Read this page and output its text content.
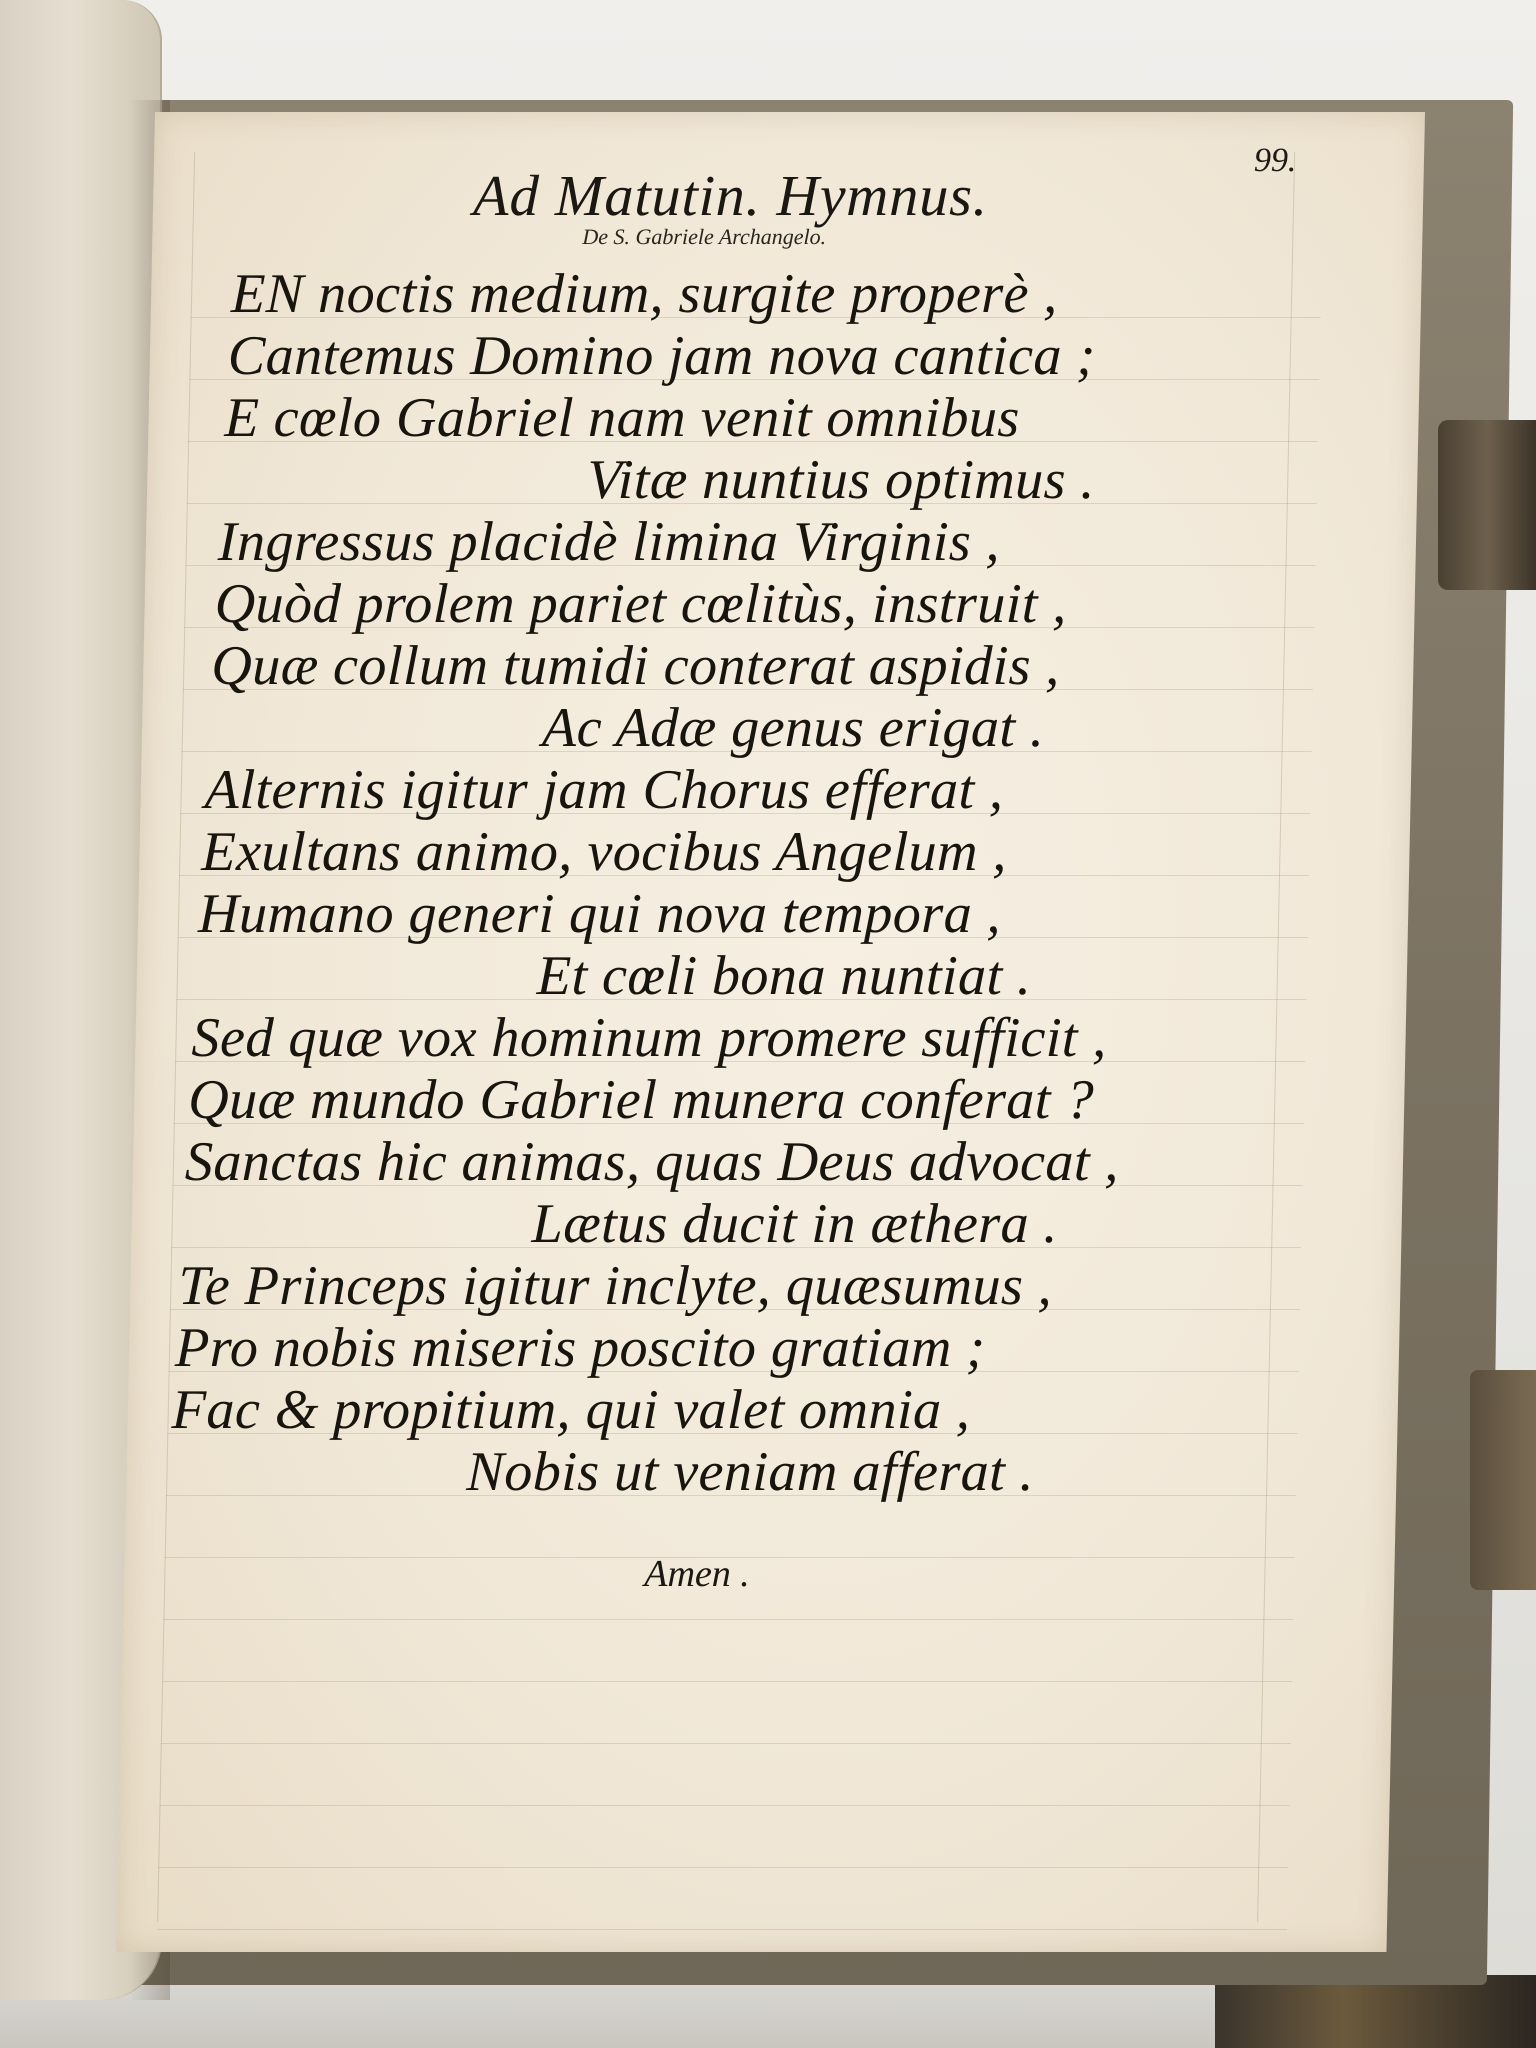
99.
Ad Matutin. Hymnus.
De S. Gabriele Archangelo.
EN noctis medium, surgite properè ,
Cantemus Domino jam nova cantica ;
E cœlo Gabriel nam venit omnibus
Vitæ nuntius optimus .
Ingressus placidè limina Virginis ,
Quòd prolem pariet cœlitùs, instruit ,
Quæ collum tumidi conterat aspidis ,
Ac Adæ genus erigat .
Alternis igitur jam Chorus efferat ,
Exultans animo, vocibus Angelum ,
Humano generi qui nova tempora ,
Et cœli bona nuntiat .
Sed quæ vox hominum promere sufficit ,
Quæ mundo Gabriel munera conferat ?
Sanctas hic animas, quas Deus advocat ,
Lætus ducit in æthera .
Te Princeps igitur inclyte, quæsumus ,
Pro nobis miseris poscito gratiam ;
Fac & propitium, qui valet omnia ,
Nobis ut veniam afferat .
Amen .
